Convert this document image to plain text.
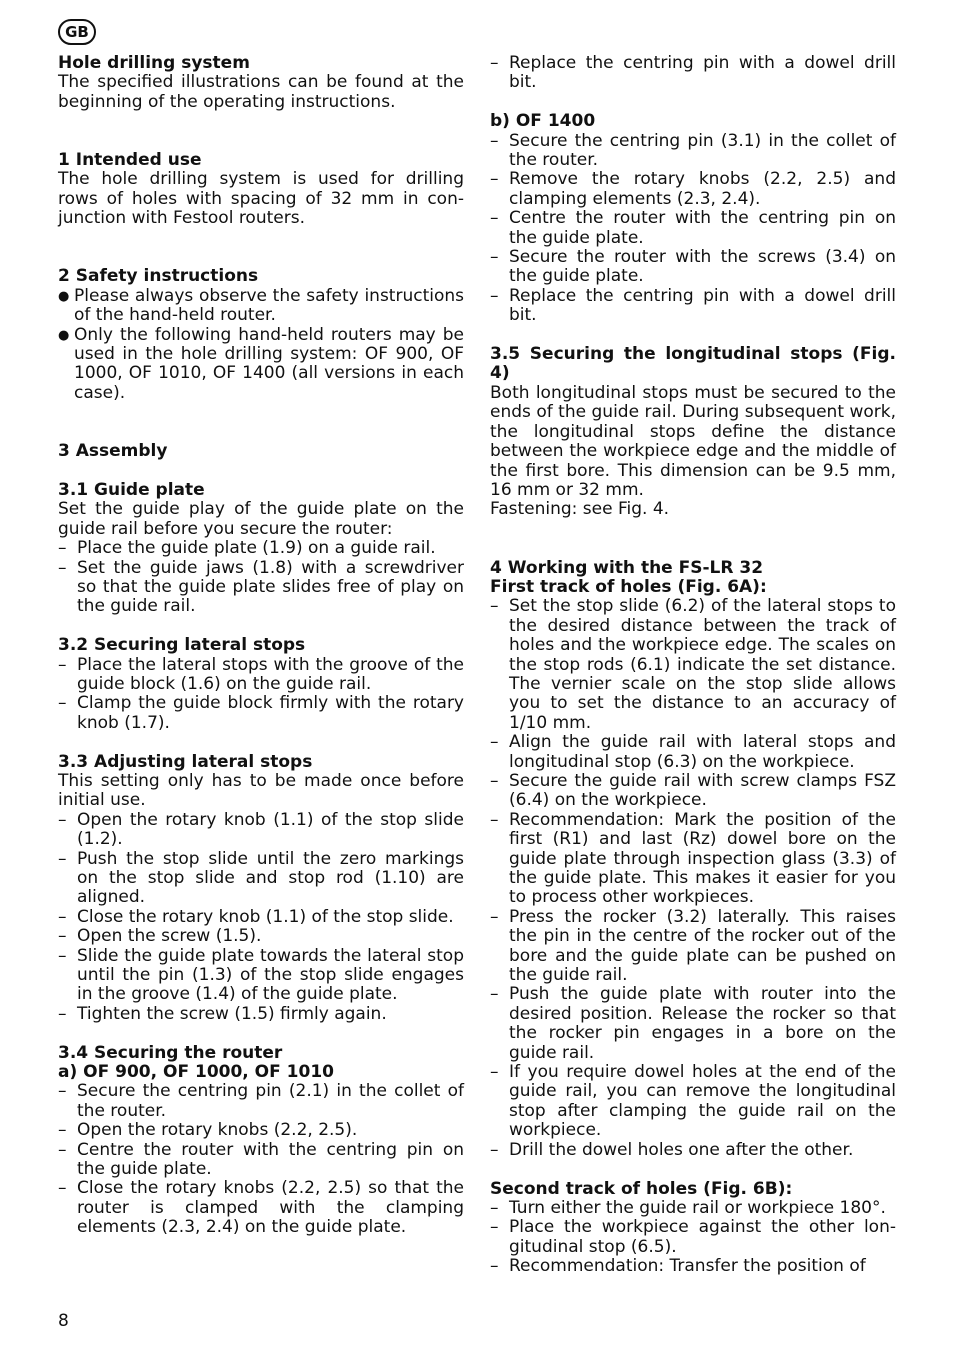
GB
Hole drilling system

The specified illustrations can be found at the beginning of the operating instructions.

1 Intended use

The hole drilling system is used for drilling rows of holes with spacing of 32 mm in conjunction with Festool routers.

2 Safety instructions
● Please always observe the safety instructions of the hand-held router.
● Only the following hand-held routers may be used in the hole drilling system: OF 900, OF 1000, OF 1010, OF 1400 (all versions in each case).
3 Assembly
3.1 Guide plate

Set the guide play of the guide plate on the guide rail before you secure the router:

– Place the guide plate (1.9) on a guide rail.
– Set the guide jaws (1.8) with a screwdriver so that the guide plate slides free of play on the guide rail.
3.2 Securing lateral stops
– Place the lateral stops with the groove of the guide block (1.6) on the guide rail.
– Clamp the guide block firmly with the rotary knob (1.7).
3.3 Adjusting lateral stops

This setting only has to be made once before initial use.

– Open the rotary knob (1.1) of the stop slide (1.2).
– Push the stop slide until the zero markings on the stop slide and stop rod (1.10) are aligned.
– Close the rotary knob (1.1) of the stop slide.
– Open the screw (1.5).
– Slide the guide plate towards the lateral stop until the pin (1.3) of the stop slide engages in the groove (1.4) of the guide plate.
– Tighten the screw (1.5) firmly again.
3.4 Securing the router
a) OF 900, OF 1000, OF 1010
– Secure the centring pin (2.1) in the collet of the router.
– Open the rotary knobs (2.2, 2.5).
– Centre the router with the centring pin on the guide plate.
– Close the rotary knobs (2.2, 2.5) so that the router is clamped with the clamping elements (2.3, 2.4) on the guide plate.
– Replace the centring pin with a dowel drill bit.
b) OF 1400
– Secure the centring pin (3.1) in the collet of the router.
– Remove the rotary knobs (2.2, 2.5) and clamping elements (2.3, 2.4).
– Centre the router with the centring pin on the guide plate.
– Secure the router with the screws (3.4) on the guide plate.
– Replace the centring pin with a dowel drill bit.
3.5 Securing the longitudinal stops (Fig. 4)

Both longitudinal stops must be secured to the ends of the guide rail. During subsequent work, the longitudinal stops define the distance between the workpiece edge and the middle of the first bore. This dimension can be 9.5 mm, 16 mm or 32 mm.

Fastening: see Fig. 4.

4 Working with the FS-LR 32
First track of holes (Fig. 6A):
– Set the stop slide (6.2) of the lateral stops to the desired distance between the track of holes and the workpiece edge. The scales on the stop rods (6.1) indicate the set distance. The vernier scale on the stop slide allows you to set the distance to an accuracy of 1/10 mm.
– Align the guide rail with lateral stops and longitudinal stop (6.3) on the workpiece.
– Secure the guide rail with screw clamps FSZ (6.4) on the workpiece.
– Recommendation: Mark the position of the first (R1) and last (Rz) dowel bore on the guide plate through inspection glass (3.3) of the guide plate. This makes it easier for you to process other workpieces.
– Press the rocker (3.2) laterally. This raises the pin in the centre of the rocker out of the bore and the guide plate can be pushed on the guide rail.
– Push the guide plate with router into the desired position. Release the rocker so that the rocker pin engages in a bore on the guide rail.
– If you require dowel holes at the end of the guide rail, you can remove the longitudinal stop after clamping the guide rail on the workpiece.
– Drill the dowel holes one after the other.
Second track of holes (Fig. 6B):
– Turn either the guide rail or workpiece 180°.
– Place the workpiece against the other longitudinal stop (6.5).
– Recommendation: Transfer the position of
8
